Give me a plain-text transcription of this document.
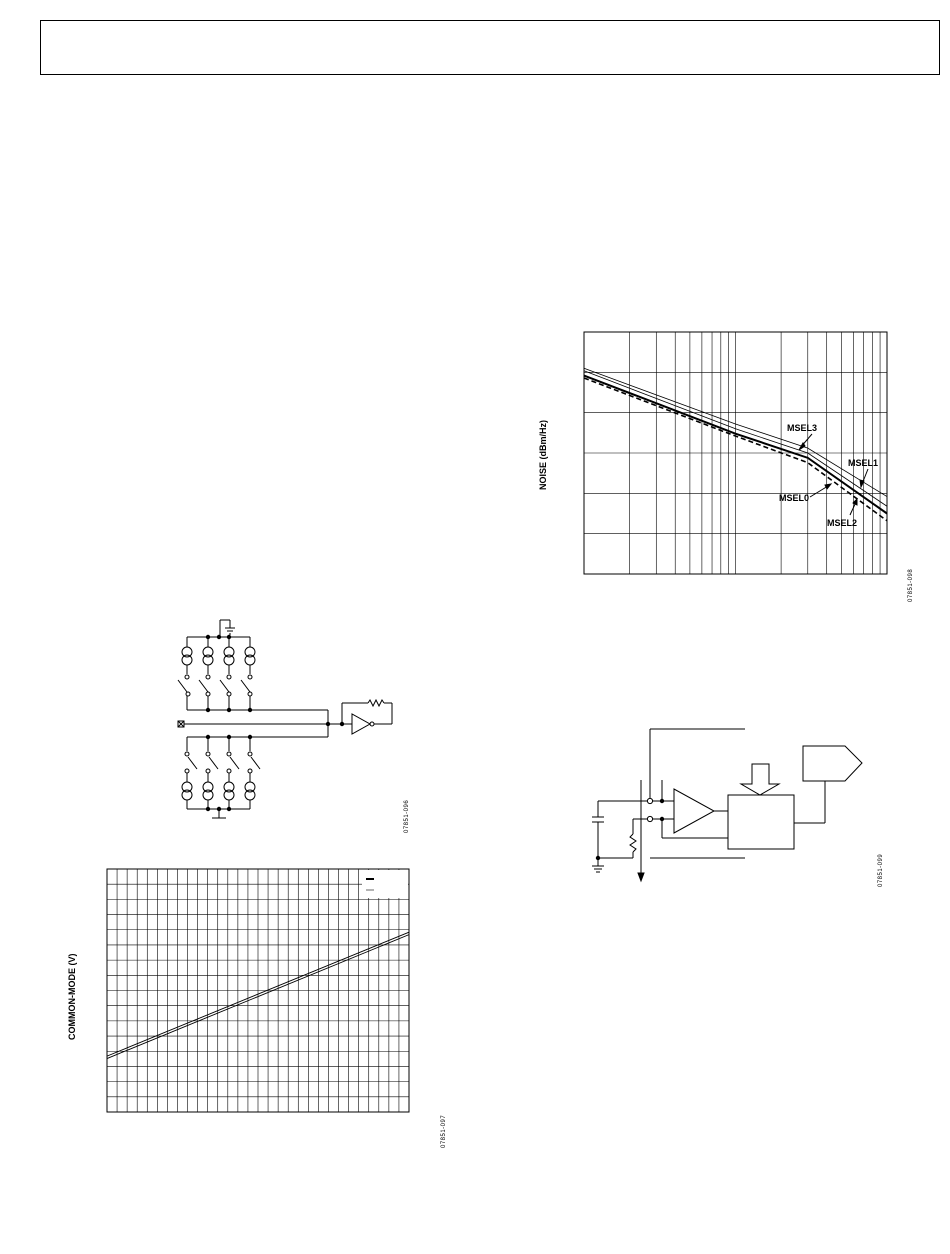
07851-096
COMMON-MODE (V)
07851-097
MSEL3
MSEL1
MSEL0
MSEL2
NOISE (dBm/Hz)
07851-098
07851-099
